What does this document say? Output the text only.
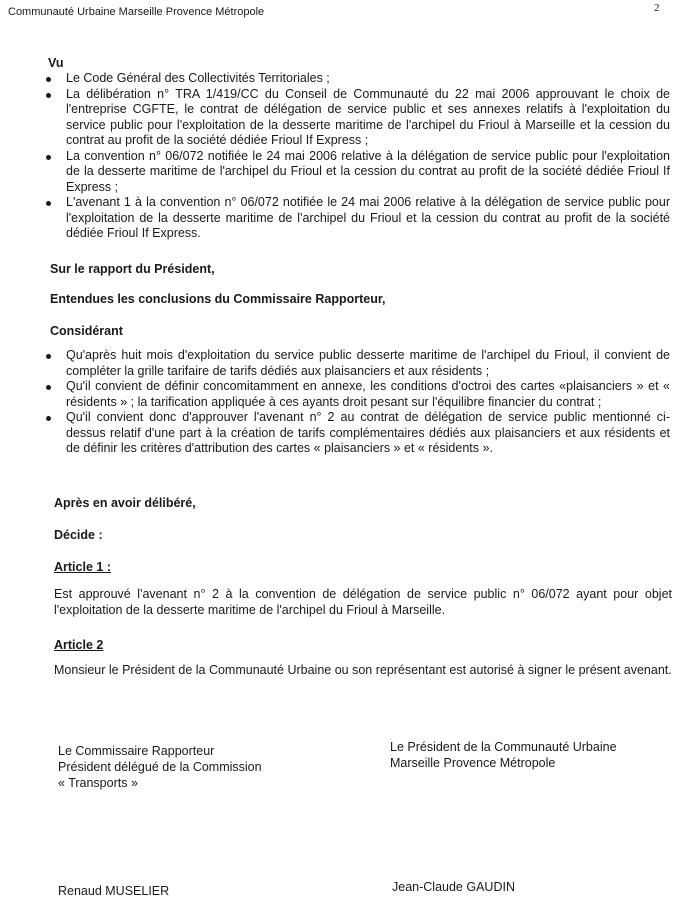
Communauté Urbaine Marseille Provence Métropole	2
Vu
Le Code Général des Collectivités Territoriales ;
La délibération n° TRA 1/419/CC du Conseil de Communauté du 22 mai 2006 approuvant le choix de l'entreprise CGFTE, le contrat de délégation de service public et ses annexes relatifs à l'exploitation du service public pour l'exploitation de la desserte maritime de l'archipel du Frioul à Marseille et la cession du contrat au profit de la société dédiée Frioul If Express ;
La convention n° 06/072 notifiée le 24 mai 2006 relative à la délégation de service public pour l'exploitation de la desserte maritime de l'archipel du Frioul et la cession du contrat au profit de la société dédiée Frioul If Express ;
L'avenant 1 à la convention n° 06/072 notifiée le 24 mai 2006 relative à la délégation de service public pour l'exploitation de la desserte maritime de l'archipel du Frioul et la cession du contrat au profit de la société dédiée Frioul If Express.
Sur le rapport du Président,
Entendues les conclusions du Commissaire Rapporteur,
Considérant
Qu'après huit mois d'exploitation du service public desserte maritime de l'archipel du Frioul, il convient de compléter la grille tarifaire de tarifs dédiés aux plaisanciers et aux résidents ;
Qu'il convient de définir concomitamment en annexe, les conditions d'octroi des cartes «plaisanciers » et « résidents » ; la tarification appliquée à ces ayants droit pesant sur l'équilibre financier du contrat ;
Qu'il convient donc d'approuver l'avenant n° 2 au contrat de délégation de service public mentionné ci-dessus relatif d'une part à la création de tarifs complémentaires dédiés aux plaisanciers et aux résidents et de définir les critères d'attribution des cartes « plaisanciers » et « résidents ».
Après en avoir délibéré,
Décide :
Article 1 :
Est approuvé l'avenant n° 2 à la convention de délégation de service public n° 06/072 ayant pour objet l'exploitation de la desserte maritime de l'archipel du Frioul à Marseille.
Article 2
Monsieur le Président de la Communauté Urbaine ou son représentant est autorisé à signer le présent avenant.
Le Commissaire Rapporteur
Président délégué de la Commission
« Transports »
Le Président de la Communauté Urbaine
Marseille Provence Métropole
Renaud MUSELIER	Jean-Claude GAUDIN
